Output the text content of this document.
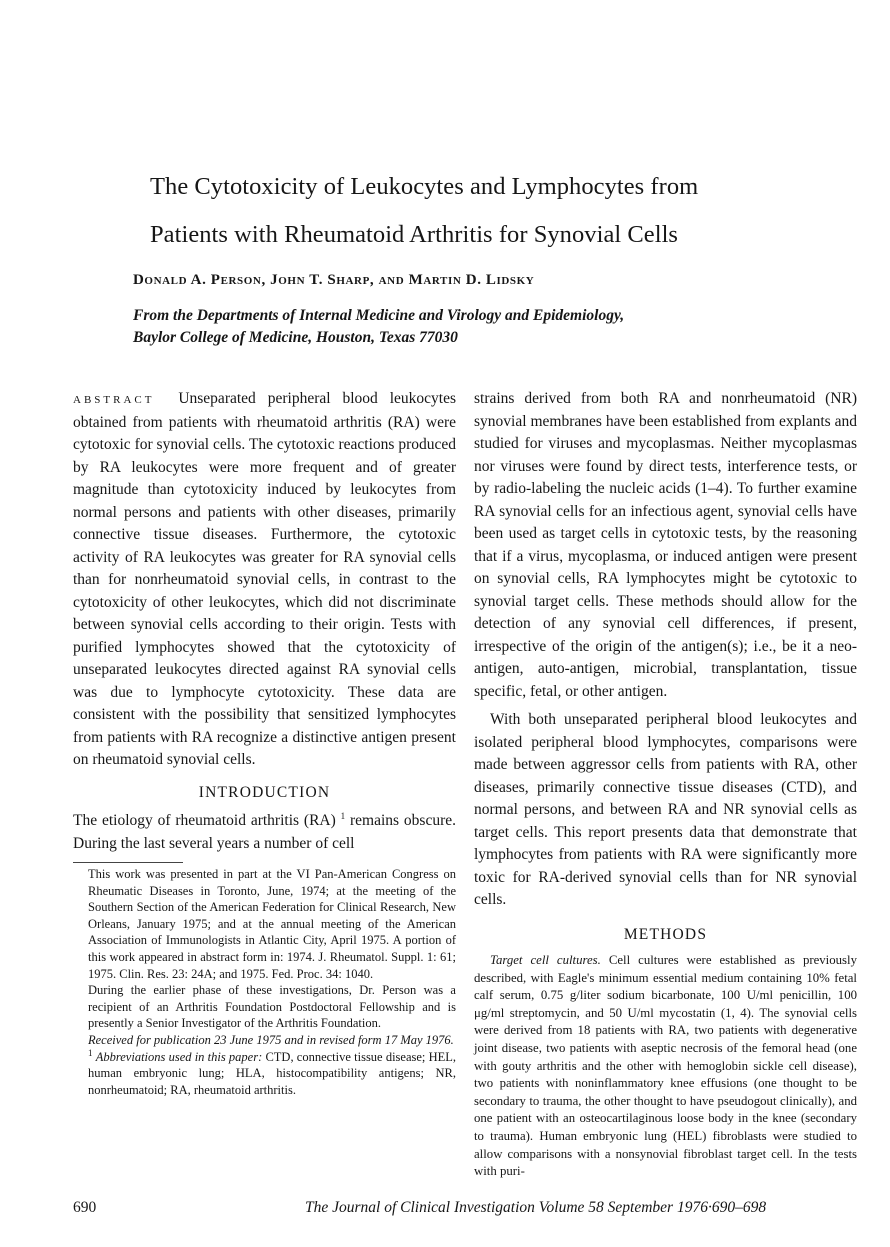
The Cytotoxicity of Leukocytes and Lymphocytes from
Patients with Rheumatoid Arthritis for Synovial Cells
Donald A. Person, John T. Sharp, and Martin D. Lidsky
From the Departments of Internal Medicine and Virology and Epidemiology,
Baylor College of Medicine, Houston, Texas 77030

ABSTRACT Unseparated peripheral blood leukocytes obtained from patients with rheumatoid arthritis (RA) were cytotoxic for synovial cells. The cytotoxic reactions produced by RA leukocytes were more frequent and of greater magnitude than cytotoxicity induced by leukocytes from normal persons and patients with other diseases, primarily connective tissue diseases. Furthermore, the cytotoxic activity of RA leukocytes was greater for RA synovial cells than for nonrheumatoid synovial cells, in contrast to the cytotoxicity of other leukocytes, which did not discriminate between synovial cells according to their origin. Tests with purified lymphocytes showed that the cytotoxicity of unseparated leukocytes directed against RA synovial cells was due to lymphocyte cytotoxicity. These data are consistent with the possibility that sensitized lymphocytes from patients with RA recognize a distinctive antigen present on rheumatoid synovial cells.

INTRODUCTION

The etiology of rheumatoid arthritis (RA) $^1$ remains obscure. During the last several years a number of cell

This work was presented in part at the VI Pan-American Congress on Rheumatic Diseases in Toronto, June, 1974; at the meeting of the Southern Section of the American Federation for Clinical Research, New Orleans, January 1975; and at the annual meeting of the American Association of Immunologists in Atlantic City, April 1975. A portion of this work appeared in abstract form in: 1974. J. Rheumatol. Suppl. 1: 61; 1975. Clin. Res. 23: 24A; and 1975. Fed. Proc. 34: 1040.

During the earlier phase of these investigations, Dr. Person was a recipient of an Arthritis Foundation Postdoctoral Fellowship and is presently a Senior Investigator of the Arthritis Foundation.

Received for publication 23 June 1975 and in revised form 17 May 1976.

$^1$ Abbreviations used in this paper: CTD, connective tissue disease; HEL, human embryonic lung; HLA, histocompatibility antigens; NR, nonrheumatoid; RA, rheumatoid arthritis.

strains derived from both RA and nonrheumatoid (NR) synovial membranes have been established from explants and studied for viruses and mycoplasmas. Neither mycoplasmas nor viruses were found by direct tests, interference tests, or by radio-labeling the nucleic acids (1–4). To further examine RA synovial cells for an infectious agent, synovial cells have been used as target cells in cytotoxic tests, by the reasoning that if a virus, mycoplasma, or induced antigen were present on synovial cells, RA lymphocytes might be cytotoxic to synovial target cells. These methods should allow for the detection of any synovial cell differences, if present, irrespective of the origin of the antigen(s); i.e., be it a neo-antigen, auto-antigen, microbial, transplantation, tissue specific, fetal, or other antigen.

With both unseparated peripheral blood leukocytes and isolated peripheral blood lymphocytes, comparisons were made between aggressor cells from patients with RA, other diseases, primarily connective tissue diseases (CTD), and normal persons, and between RA and NR synovial cells as target cells. This report presents data that demonstrate that lymphocytes from patients with RA were significantly more toxic for RA-derived synovial cells than for NR synovial cells.

METHODS

Target cell cultures. Cell cultures were established as previously described, with Eagle's minimum essential medium containing 10% fetal calf serum, 0.75 g/liter sodium bicarbonate, 100 U/ml penicillin, 100 μg/ml streptomycin, and 50 U/ml mycostatin (1, 4). The synovial cells were derived from 18 patients with RA, two patients with degenerative joint disease, two patients with aseptic necrosis of the femoral head (one with gouty arthritis and the other with hemoglobin sickle cell disease), two patients with noninflammatory knee effusions (one thought to be secondary to trauma, the other thought to have pseudogout clinically), and one patient with an osteocartilaginous loose body in the knee (secondary to trauma). Human embryonic lung (HEL) fibroblasts were studied to allow comparisons with a nonsynovial fibroblast target cell. In the tests with puri-

690	The Journal of Clinical Investigation Volume 58 September 1976·690–698
